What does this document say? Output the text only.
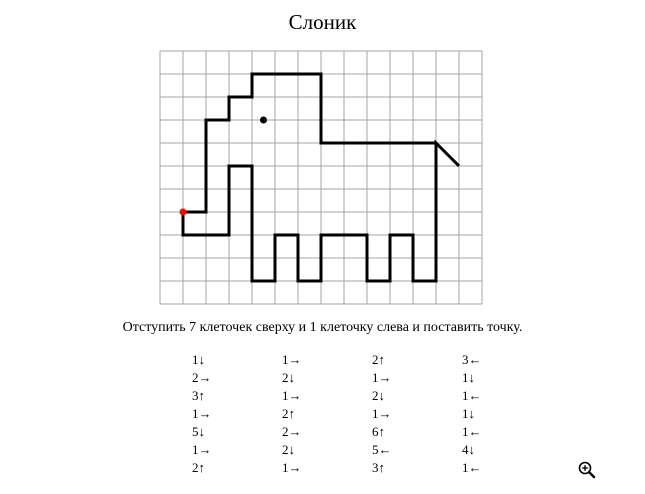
Слоник
Отступить 7 клеточек сверху и 1 клеточку слева и поставить точку.
1↓	1→	2↑	3←
2→	2↓	1→	1↓
3↑	1→	2↓	1←
1→	2↑	1→	1↓
5↓	2→	6↑	1←
1→	2↓	5←	4↓
2↑	1→	3↑	1←
